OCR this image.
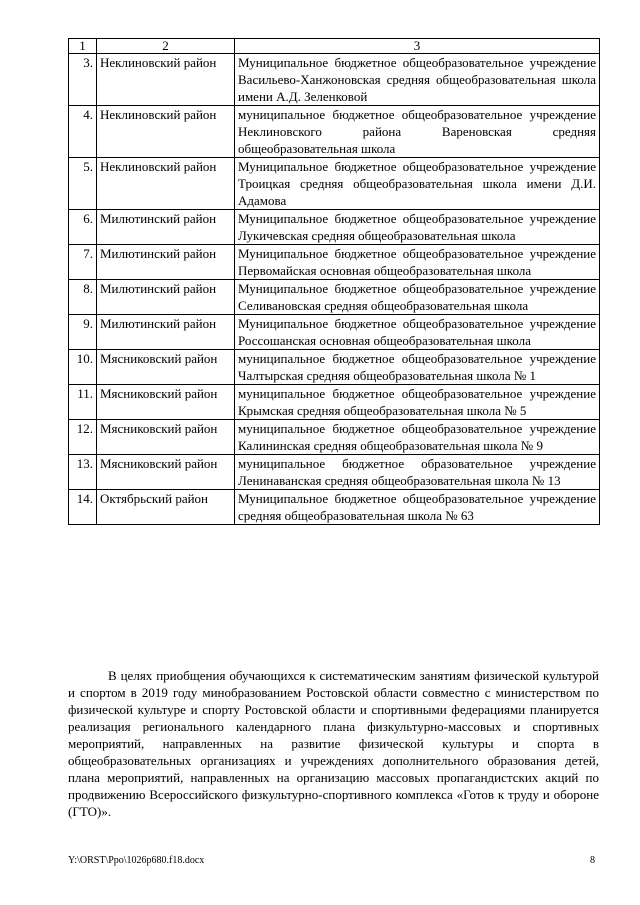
1	2	3
3.	Неклиновский район	Муниципальное бюджетное общеобразовательное учреждение Васильево-Ханжоновская средняя общеобразовательная школа имени А.Д. Зеленковой
4.	Неклиновский район	муниципальное бюджетное общеобразовательное учреждение Неклиновского района Вареновская средняя общеобразовательная школа
5.	Неклиновский район	Муниципальное бюджетное общеобразовательное учреждение Троицкая средняя общеобразовательная школа имени Д.И. Адамова
6.	Милютинский район	Муниципальное бюджетное общеобразовательное учреждение Лукичевская средняя общеобразовательная школа
7.	Милютинский район	Муниципальное бюджетное общеобразовательное учреждение Первомайская основная общеобразовательная школа
8.	Милютинский район	Муниципальное бюджетное общеобразовательное учреждение Селивановская средняя общеобразовательная школа
9.	Милютинский район	Муниципальное бюджетное общеобразовательное учреждение Россошанская основная общеобразовательная школа
10.	Мясниковский район	муниципальное бюджетное общеобразовательное учреждение Чалтырская средняя общеобразовательная школа № 1
11.	Мясниковский район	муниципальное бюджетное общеобразовательное учреждение Крымская средняя общеобразовательная школа № 5
12.	Мясниковский район	муниципальное бюджетное общеобразовательное учреждение Калининская средняя общеобразовательная школа № 9
13.	Мясниковский район	муниципальное бюджетное образовательное учреждение Ленинаванская средняя общеобразовательная школа № 13
14.	Октябрьский район	Муниципальное бюджетное общеобразовательное учреждение средняя общеобразовательная школа № 63

В целях приобщения обучающихся к систематическим занятиям физической культурой и спортом в 2019 году минобразованием Ростовской области совместно с министерством по физической культуре и спорту Ростовской области и спортивными федерациями планируется реализация регионального календарного плана физкультурно-массовых и спортивных мероприятий, направленных на развитие физической культуры и спорта в общеобразовательных организациях и учреждениях дополнительного образования детей, плана мероприятий, направленных на организацию массовых пропагандистских акций по продвижению Всероссийского физкультурно-спортивного комплекса «Готов к труду и обороне (ГТО)».

Y:\ORST\Ppo\1026p680.f18.docx	8
